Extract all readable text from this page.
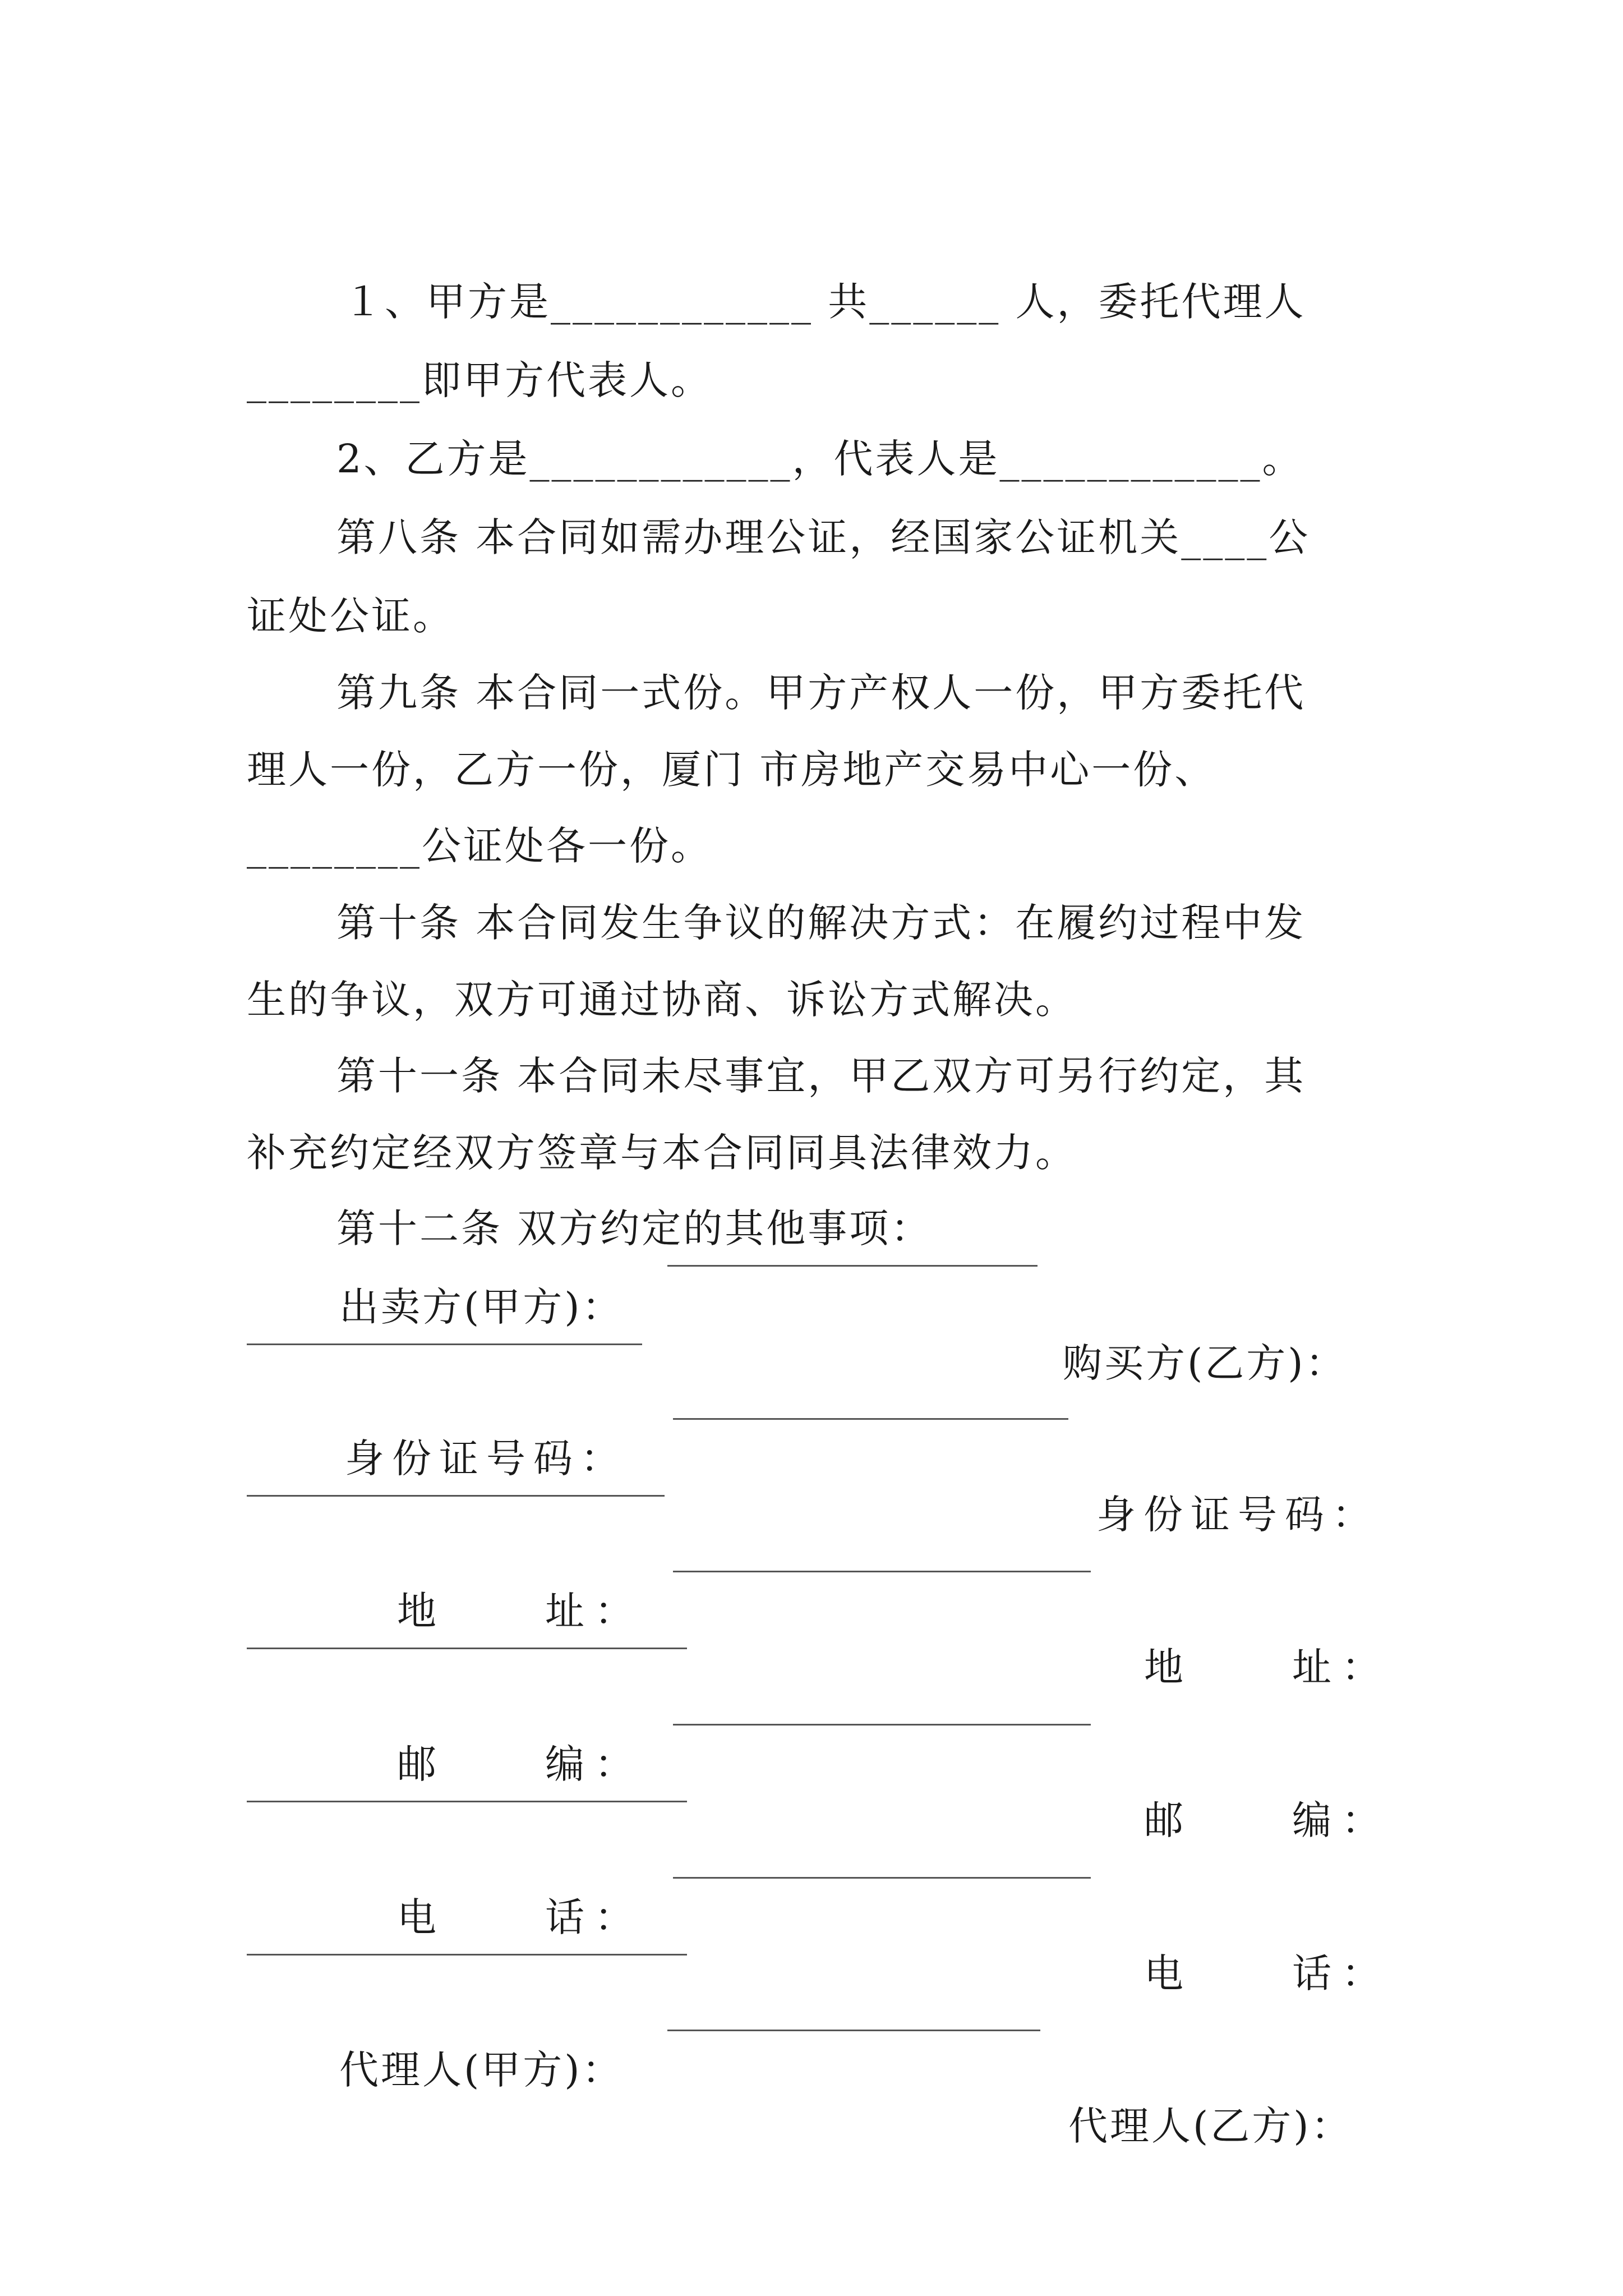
１、甲方是____________ 共______ 人，委托代理人

________即甲方代表人。

2、乙方是____________，代表人是____________。

第八条 本合同如需办理公证，经国家公证机关____公

证处公证。

第九条 本合同一式份。甲方产权人一份，甲方委托代

理人一份，乙方一份，厦门 市房地产交易中心一份、

________公证处各一份。

第十条 本合同发生争议的解决方式：在履约过程中发

生的争议，双方可通过协商、诉讼方式解决。

第十一条 本合同未尽事宜，甲乙双方可另行约定，其

补充约定经双方签章与本合同同具法律效力。

第十二条 双方约定的其他事项：

出卖方(甲方)：

购买方(乙方)：

身份证号码：

身份证号码：

地　　址：

地　　址：

邮　　编：

邮　　编：

电　　话：

电　　话：

代理人(甲方)：

代理人(乙方)：
